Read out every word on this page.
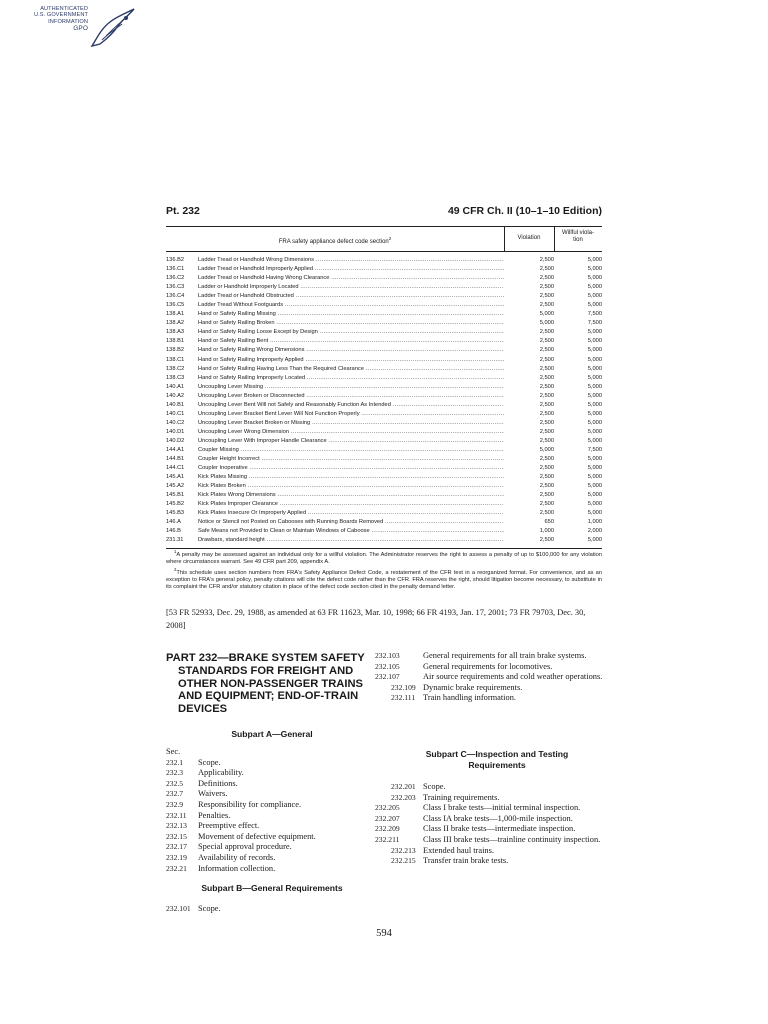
AUTHENTICATED
U.S. GOVERNMENT
INFORMATION
GPO
Pt. 232	49 CFR Ch. II (10–1–10 Edition)
FRA safety appliance defect code section$^2$	Violation
Willful viola-tion
136.B2 Ladder Tread or Handhold Wrong Dimensions .....	2,500	5,000
136.C1 Ladder Tread or Handhold Improperly Applied .....	2,500	5,000
136.C2 Ladder Tread or Handhold Having Wrong Clearance .....	2,500	5,000
136.C3 Ladder or Handhold Improperly Located .....	2,500	5,000
136.C4 Ladder Tread or Handhold Obstructed .....	2,500	5,000
136.C5 Ladder Tread Without Footguards .....	2,500	5,000
138.A1 Hand or Safety Railing Missing .....	5,000	7,500
138.A2 Hand or Safety Railing Broken .....	5,000	7,500
138.A3 Hand or Safety Railing Loose Except by Design .....	2,500	5,000
138.B1 Hand or Safety Railing Bent .....	2,500	5,000
138.B2 Hand or Safety Railing Wrong Dimensions .....	2,500	5,000
138.C1 Hand or Safety Railing Improperly Applied .....	2,500	5,000
138.C2 Hand or Safety Railing Having Less Than the Required Clearance .....	2,500	5,000
138.C3 Hand or Safety Railing Improperly Located .....	2,500	5,000
140.A1 Uncoupling Lever Missing .....	2,500	5,000
140.A2 Uncoupling Lever Broken or Disconnected .....	2,500	5,000
140.B1 Uncoupling Lever Bent Will not Safely and Reasonably Function As Intended .....	2,500	5,000
140.C1 Uncoupling Lever Bracket Bent Lever Will Not Function Properly .....	2,500	5,000
140.C2 Uncoupling Lever Bracket Broken or Missing .....	2,500	5,000
140.D1 Uncoupling Lever Wrong Dimension .....	2,500	5,000
140.D2 Uncoupling Lever With Improper Handle Clearance .....	2,500	5,000
144.A1 Coupler Missing .....	5,000	7,500
144.B1 Coupler Height Incorrect .....	2,500	5,000
144.C1 Coupler Inoperative .....	2,500	5,000
145.A1 Kick Plates Missing .....	2,500	5,000
145.A2 Kick Plates Broken .....	2,500	5,000
145.B1 Kick Plates Wrong Dimensions .....	2,500	5,000
145.B2 Kick Plates Improper Clearance .....	2,500	5,000
145.B3 Kick Plates Insecure Or Improperly Applied .....	2,500	5,000
146.A	Notice or Stencil not Posted on Cabooses with Running Boards Removed .....	650	1,000
146.B	Safe Means not Provided to Clean or Maintain Windows of Caboose .....	1,000	2,000
231.31	Drawbars, standard height .....	2,500	5,000

$^1$A penalty may be assessed against an individual only for a willful violation. The Administrator reserves the right to assess a penalty of up to $100,000 for any violation where circumstances warrant. See 49 CFR part 209, appendix A.

$^2$This schedule uses section numbers from FRA's Safety Appliance Defect Code, a restatement of the CFR text in a reorganized format. For convenience, and as an exception to FRA's general policy, penalty citations will cite the defect code rather than the CFR. FRA reserves the right, should litigation become necessary, to substitute in its complaint the CFR and/or statutory citation in place of the defect code section cited in the penalty demand letter.

[53 FR 52933, Dec. 29, 1988, as amended at 63 FR 11623, Mar. 10, 1998; 66 FR 4193, Jan. 17, 2001; 73 FR 79703, Dec. 30, 2008]
PART 232—BRAKE SYSTEM SAFETY
STANDARDS FOR FREIGHT AND
OTHER NON-PASSENGER TRAINS
AND EQUIPMENT; END-OF-TRAIN
DEVICES
Subpart A—General
Sec.
232.1 Scope.
232.3 Applicability.
232.5 Definitions.
232.7 Waivers.
232.9 Responsibility for compliance.
232.11 Penalties.
232.13 Preemptive effect.
232.15 Movement of defective equipment.
232.17 Special approval procedure.
232.19 Availability of records.
232.21 Information collection.
Subpart B—General Requirements
232.101 Scope.
232.103	General requirements for all train brake systems.
232.105	General requirements for locomotives.
232.107	Air source requirements and cold weather operations.
232.109 Dynamic brake requirements.
232.111 Train handling information.
Subpart C—Inspection and Testing
Requirements
232.201 Scope.
232.203 Training requirements.
232.205	Class I brake tests—initial terminal inspection.
232.207	Class IA brake tests—1,000-mile inspection.
232.209	Class II brake tests—intermediate inspection.
232.211	Class III brake tests—trainline continuity inspection.
232.213 Extended haul trains.
232.215 Transfer train brake tests.
594
